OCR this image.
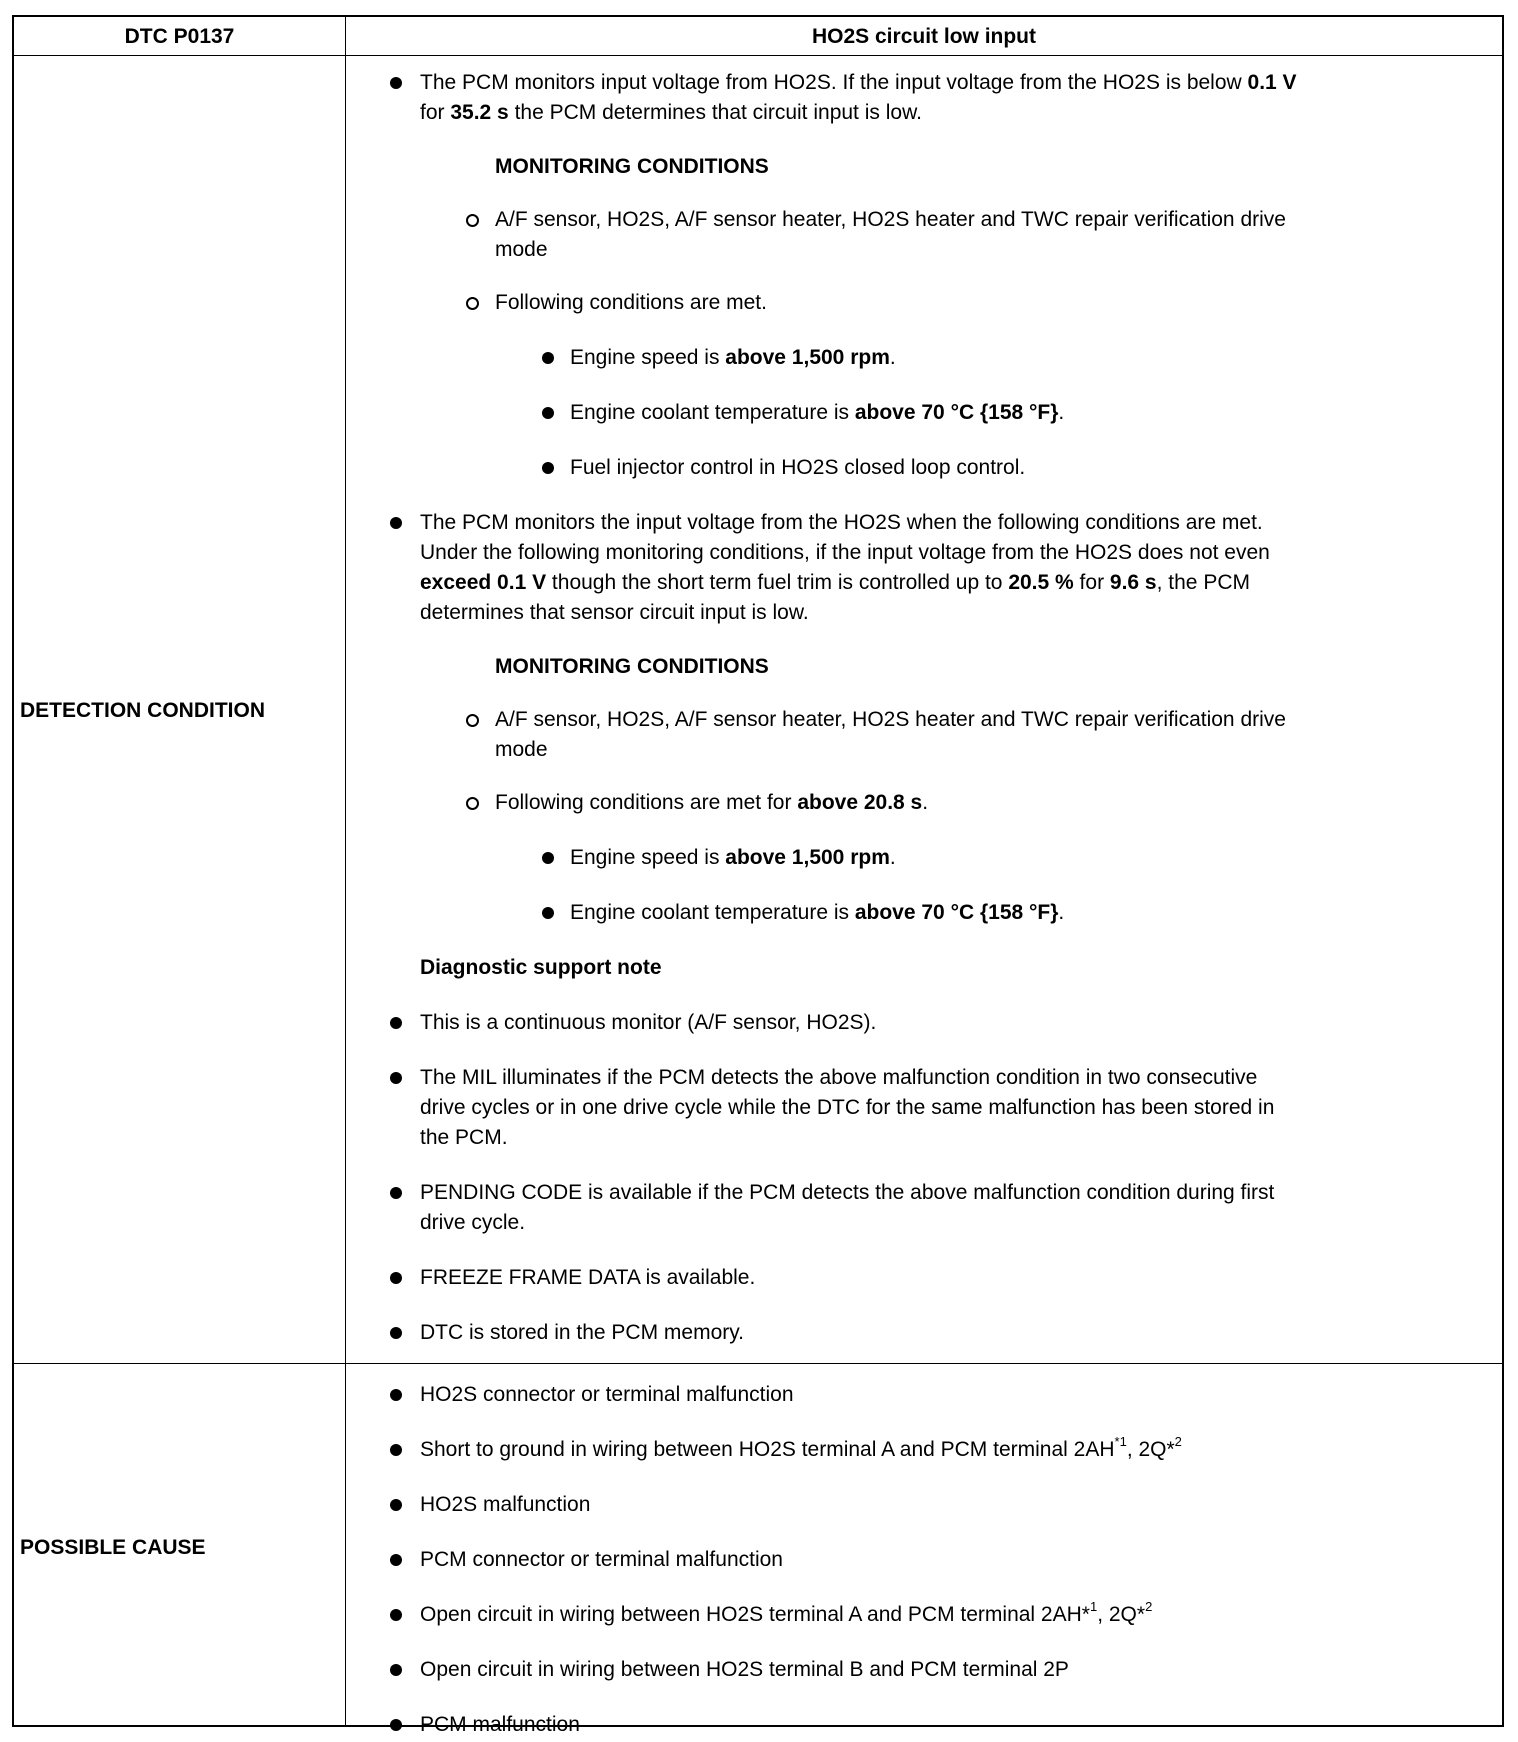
DTC P0137	HO2S circuit low input
DETECTION CONDITION
POSSIBLE CAUSE
The PCM monitors input voltage from HO2S. If the input voltage from the HO2S is below 0.1 V
for 35.2 s the PCM determines that circuit input is low.
MONITORING CONDITIONS
A/F sensor, HO2S, A/F sensor heater, HO2S heater and TWC repair verification drive
mode
Following conditions are met.
Engine speed is above 1,500 rpm.
Engine coolant temperature is above 70 °C {158 °F}.
Fuel injector control in HO2S closed loop control.
The PCM monitors the input voltage from the HO2S when the following conditions are met.
Under the following monitoring conditions, if the input voltage from the HO2S does not even
exceed 0.1 V though the short term fuel trim is controlled up to 20.5 % for 9.6 s, the PCM
determines that sensor circuit input is low.
MONITORING CONDITIONS
A/F sensor, HO2S, A/F sensor heater, HO2S heater and TWC repair verification drive
mode
Following conditions are met for above 20.8 s.
Engine speed is above 1,500 rpm.
Engine coolant temperature is above 70 °C {158 °F}.
Diagnostic support note
This is a continuous monitor (A/F sensor, HO2S).
The MIL illuminates if the PCM detects the above malfunction condition in two consecutive
drive cycles or in one drive cycle while the DTC for the same malfunction has been stored in
the PCM.
PENDING CODE is available if the PCM detects the above malfunction condition during first
drive cycle.
FREEZE FRAME DATA is available.
DTC is stored in the PCM memory.
HO2S connector or terminal malfunction
Short to ground in wiring between HO2S terminal A and PCM terminal 2AH$^{*1}$, 2Q*$^2$
HO2S malfunction
PCM connector or terminal malfunction
Open circuit in wiring between HO2S terminal A and PCM terminal 2AH*$^1$, 2Q*$^2$
Open circuit in wiring between HO2S terminal B and PCM terminal 2P
PCM malfunction
